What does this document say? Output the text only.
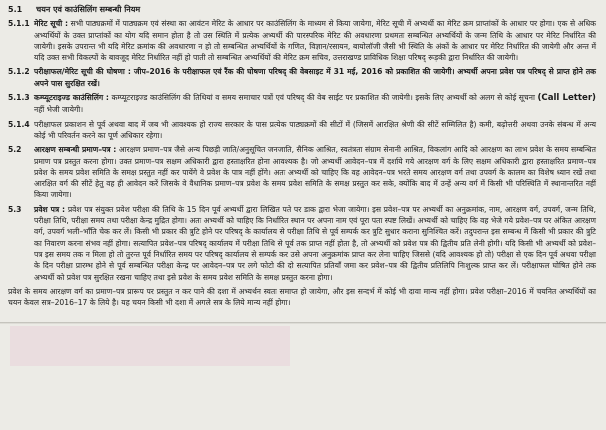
5.1 चयन एवं काउंसिलिंग सम्बन्धी नियम
5.1.1 मेरिट सूची : सभी पाठ्यक्रमों में पाठ्यक्रम एवं संस्था का आवंटन मेरिट के आधार पर काउंसिलिंग के माध्यम से किया जायेगा, मेरिट सूची में अभ्यर्थी का मेरिट क्रम प्राप्तांकों के आधार पर होगा। एक से अधिक अभ्यर्थियों के उक्त प्राप्तांकों का योग यदि समान होता है तो उस स्थिति में प्रत्येक अभ्यर्थी की पारस्परिक मेरिट की अवधारणा प्रथमतः सम्बन्धित अभ्यर्थियों के जन्म तिथि के आधार पर मेरिट निर्धारित की जायेगी। इसके उपरान्त भी यदि मेरिट क्रमांक की अवधारणा न हो तो सम्बन्धित अभ्यर्थियों के गणित, विज्ञान/रसायन, बायोलॉजी जैसी भी स्थिति के अंकों के आधार पर मेरिट निर्धारित की जायेगी और अन्त में यदि उक्त सभी विकल्पों के बावजूद मेरिट निर्धारित नहीं हो पाती तो सम्बन्धित अभ्यर्थियों की मेरिट क्रम सचिव, उत्तराखण्ड प्राविधिक शिक्षा परिषद् रूड़की द्वारा निर्धारित की जायेगी।
5.1.2 परीक्षाफल/मेरिट सूची की घोषणा : जीप–2016 के परीक्षाफल एवं रैंक की घोषणा परिषद् की वेबसाइट में 31 मई, 2016 को प्रकाशित की जायेगी। अभ्यर्थी अपना प्रवेश पत्र परिषद् से प्राप्त होने तक अपने पास सुरक्षित रखें।
5.1.3 कम्प्यूटराइज्ड काउंसिलिंग : कम्प्यूटराइज्ड काउंसिलिंग की तिथियां व समय समाचार पत्रों एवं परिषद् की वेब साईट पर प्रकाशित की जायेगी। इसके लिए अभ्यर्थी को अलग से कोई सूचना (Call Letter) नहीं भेजी जायेगी।
5.1.4 परीक्षाफल प्रकाशन से पूर्व अथवा बाद में जब भी आवश्यक हो राज्य सरकार के पास प्रत्येक पाठ्यक्रमों की सीटों में (जिसमें आरक्षित श्रेणी की सीटें सम्मिलित है) कमी, बढ़ोत्तरी अथवा उनके संबन्ध में अन्य कोई भी परिवर्तन करने का पूर्ण अधिकार रहेगा।
5.2	आरक्षण सम्बन्धी प्रमाण–पत्र : आरक्षण प्रमाण–पत्र जैसे अन्य पिछड़ी जाति/अनुसूचित जनजाति, सैनिक आश्रित, स्वतंत्रता संग्राम सेनानी आश्रित, विकलांग आदि को आरक्षण का लाभ प्रवेश के समय सम्बन्धित प्रमाण पत्र प्रस्तुत करना होगा। उक्त प्रमाण–पत्र सक्षम अधिकारी द्वारा हस्ताक्षरित होना आवश्यक है। जो अभ्यर्थी आवेदन–पत्र में दर्शाये गये आरक्षण वर्ग के लिए सक्षम अधिकारी द्वारा हस्ताक्षरित प्रमाण–पत्र प्रवेश के समय प्रवेश समिति के समक्ष प्रस्तुत नहीं कर पायेंगे वे प्रवेश के पात्र नहीं होंगे। अतः अभ्यर्थी को चाहिए कि वह आवेदन–पत्र भरते समय आरक्षण वर्ग तथा उपवर्ग के कालम का विशेष ध्यान रखें तथा आरक्षित वर्ग की सीटें हेतु वह ही आवेदन करें जिसके वे वैधानिक प्रमाण–पत्र प्रवेश के समय प्रवेश समिति के समक्ष प्रस्तुत कर सके, क्योंकि बाद में उन्हें अन्य वर्ग में किसी भी परिस्थिति में स्थानान्तरित नहीं किया जायेगा।
5.3	प्रवेश पत्र : प्रवेश पत्र संयुक्त प्रवेश परीक्षा की तिथि के 15 दिन पूर्व अभ्यर्थी द्वारा लिखित पते पर डाक द्वारा भेजा जायेगा। इस प्रवेश–पत्र पर अभ्यर्थी का अनुक्रमांक, नाम, आरक्षण वर्ग, उपवर्ग, जन्म तिथि, परीक्षा तिथि, परीक्षा समय तथा परीक्षा केन्द्र मुद्रित होगा। अतः अभ्यर्थी को चाहिए कि निर्धारित स्थान पर अपना नाम एवं पूरा पता स्पष्ट लिखें। अभ्यर्थी को चाहिए कि वह भेजे गये प्रवेश–पत्र पर अंकित आरक्षण वर्ग, उपवर्ग भली–भाँति चेक कर लें। किसी भी प्रकार की त्रुटि होने पर परिषद् के कार्यालय से परीक्षा तिथि से पूर्व सम्पर्क कर त्रुटि सुधार कराना सुनिश्चित करें। तदुपरान्त इस सम्बन्ध में किसी भी प्रकार की त्रुटि का निवारण करना संभव नहीं होगा। सत्यापित प्रवेश–पत्र परिषद् कार्यालय में परीक्षा तिथि से पूर्व तक प्राप्त नहीं होता है, तो अभ्यर्थी को प्रवेश पत्र की द्वितीय प्रति लेनी होगी। यदि किसी भी अभ्यर्थी को प्रवेश–पत्र इस समय तक न मिला हो तो तुरन्त पूर्व निर्धारित समय पर परिषद् कार्यालय से सम्पर्क कर उसे अपना अनुक्रमांक प्राप्त कर लेना चाहिए जिससे (यदि आवश्यक हो तो) परीक्षा से एक दिन पूर्व अथवा परीक्षा के दिन परीक्षा प्रारम्भ होने से पूर्व सम्बन्धित परीक्षा केन्द्र पर आवेदन–पत्र पर लगे फोटो की दो सत्यापित प्रतियाँ जमा कर प्रवेश–पत्र की द्वितीय प्रतिलिपि निःशुल्क प्राप्त कर लें। परीक्षाफल घोषित होने तक अभ्यर्थी को प्रवेश पत्र सुरक्षित रखना चाहिए तथा इसे प्रवेश के समय प्रवेश समिति के समक्ष प्रस्तुत करना होगा।
प्रवेश के समय आरक्षण वर्ग का प्रमाण–पत्र प्रारूप पर प्रस्तुत न कर पाने की दशा में अभ्यर्थन स्वतः समाप्त हो जायेगा, और इस सन्दर्भ में कोई भी दावा मान्य नहीं होगा। प्रवेश परीक्षा–2016 में चयनित अभ्यर्थियों का चयन केवल सत्र–2016–17 के लिये है। यह चयन किसी भी दशा में अगले सत्र के लिये मान्य नहीं होगा।
